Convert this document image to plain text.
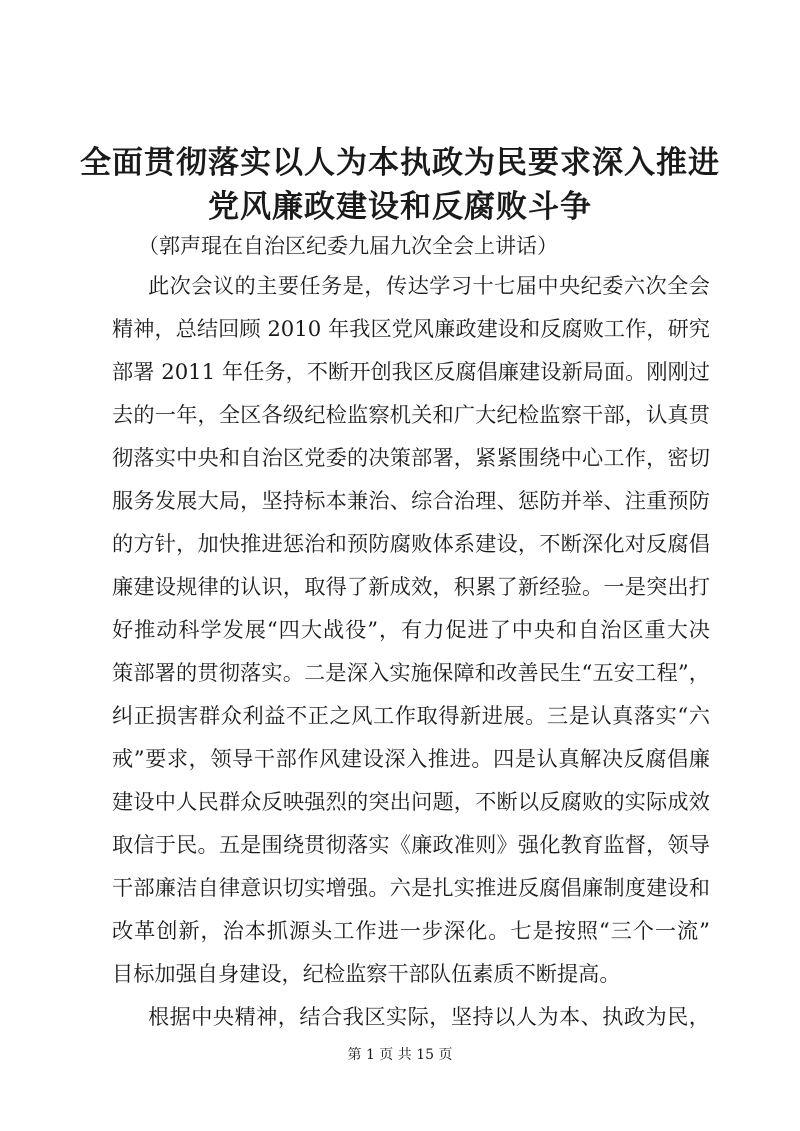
全面贯彻落实以人为本执政为民要求深入推进
党风廉政建设和反腐败斗争

（郭声琨在自治区纪委九届九次全会上讲话）

此次会议的主要任务是，传达学习十七届中央纪委六次全会

精神，总结回顾 2010 年我区党风廉政建设和反腐败工作，研究

部署 2011 年任务，不断开创我区反腐倡廉建设新局面。刚刚过

去的一年，全区各级纪检监察机关和广大纪检监察干部，认真贯

彻落实中央和自治区党委的决策部署，紧紧围绕中心工作，密切

服务发展大局，坚持标本兼治、综合治理、惩防并举、注重预防

的方针，加快推进惩治和预防腐败体系建设，不断深化对反腐倡

廉建设规律的认识，取得了新成效，积累了新经验。一是突出打

好推动科学发展“四大战役”，有力促进了中央和自治区重大决

策部署的贯彻落实。二是深入实施保障和改善民生“五安工程”，

纠正损害群众利益不正之风工作取得新进展。三是认真落实“六

戒”要求，领导干部作风建设深入推进。四是认真解决反腐倡廉

建设中人民群众反映强烈的突出问题，不断以反腐败的实际成效

取信于民。五是围绕贯彻落实《廉政准则》强化教育监督，领导

干部廉洁自律意识切实增强。六是扎实推进反腐倡廉制度建设和

改革创新，治本抓源头工作进一步深化。七是按照“三个一流”

目标加强自身建设，纪检监察干部队伍素质不断提高。

根据中央精神，结合我区实际，坚持以人为本、执政为民，

第 1 页 共 15 页
